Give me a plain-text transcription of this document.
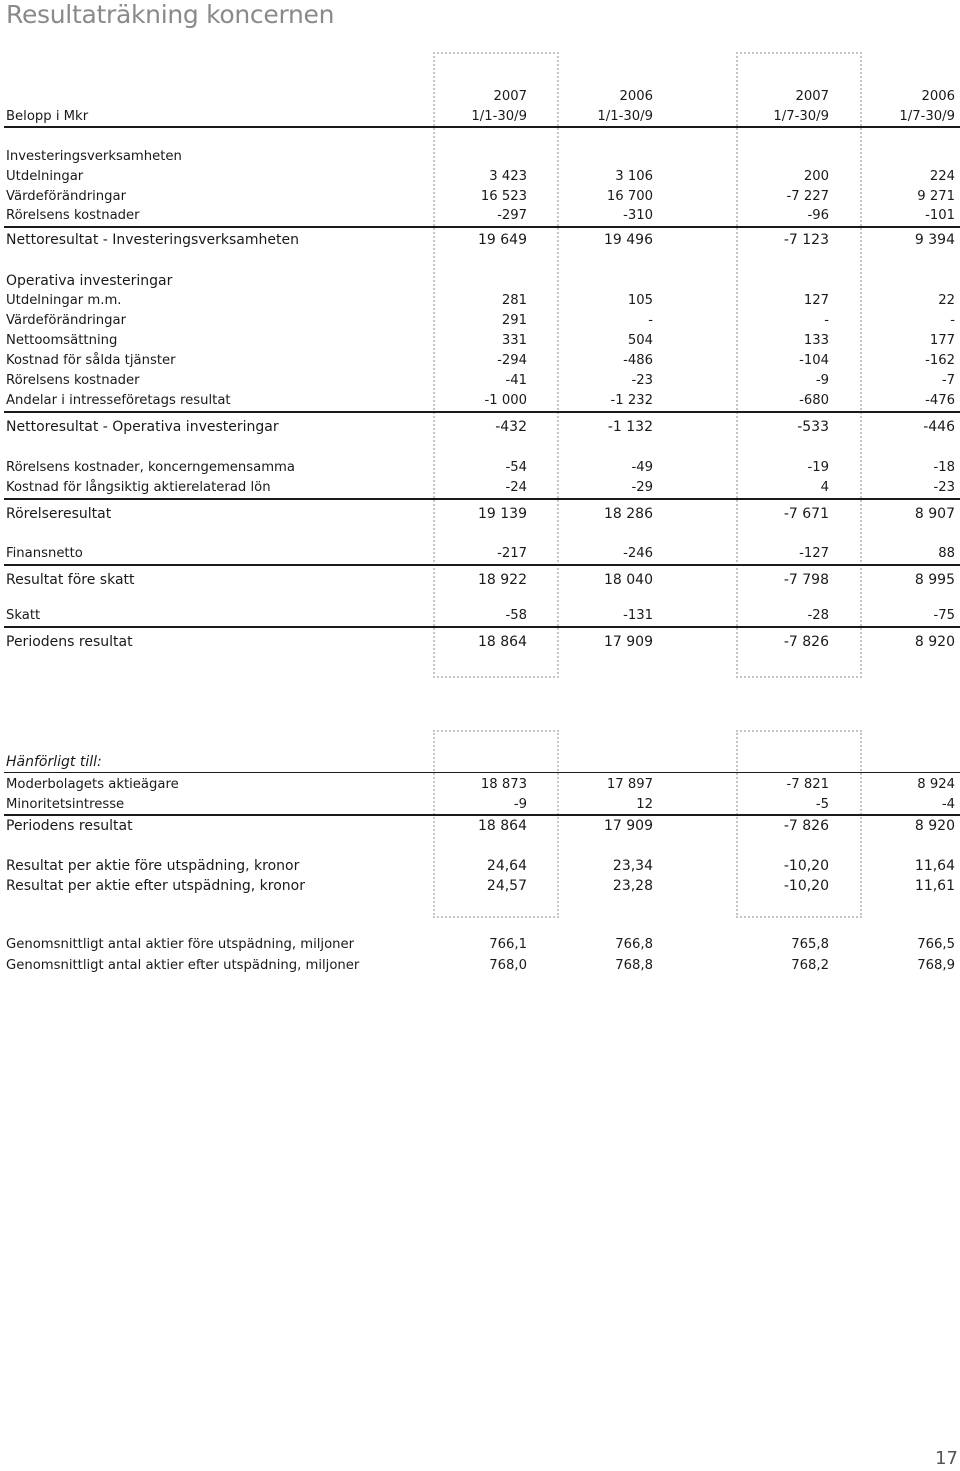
Resultaträkning koncernen
2007	2006	2007	2006
Belopp i Mkr	1/1-30/9	1/1-30/9	1/7-30/9	1/7-30/9
Investeringsverksamheten
Utdelningar	3 423	3 106	200	224
Värdeförändringar	16 523	16 700	-7 227	9 271
Rörelsens kostnader	-297	-310	-96	-101
Nettoresultat - Investeringsverksamheten	19 649	19 496	-7 123	9 394
Operativa investeringar
Utdelningar m.m.	281	105	127	22
Värdeförändringar	291	-	-	-
Nettoomsättning	331	504	133	177
Kostnad för sålda tjänster	-294	-486	-104	-162
Rörelsens kostnader	-41	-23	-9	-7
Andelar i intresseföretags resultat	-1 000	-1 232	-680	-476
Nettoresultat - Operativa investeringar	-432	-1 132	-533	-446
Rörelsens kostnader, koncerngemensamma	-54	-49	-19	-18
Kostnad för långsiktig aktierelaterad lön	-24	-29	4	-23
Rörelseresultat	19 139	18 286	-7 671	8 907
Finansnetto	-217	-246	-127	88
Resultat före skatt	18 922	18 040	-7 798	8 995
Skatt	-58	-131	-28	-75
Periodens resultat	18 864	17 909	-7 826	8 920
Hänförligt till:
Moderbolagets aktieägare	18 873	17 897	-7 821	8 924
Minoritetsintresse	-9	12	-5	-4
Periodens resultat	18 864	17 909	-7 826	8 920
Resultat per aktie före utspädning, kronor	24,64	23,34	-10,20	11,64
Resultat per aktie efter utspädning, kronor	24,57	23,28	-10,20	11,61
Genomsnittligt antal aktier före utspädning, miljoner	766,1	766,8	765,8	766,5
Genomsnittligt antal aktier efter utspädning, miljoner	768,0	768,8	768,2	768,9
17
